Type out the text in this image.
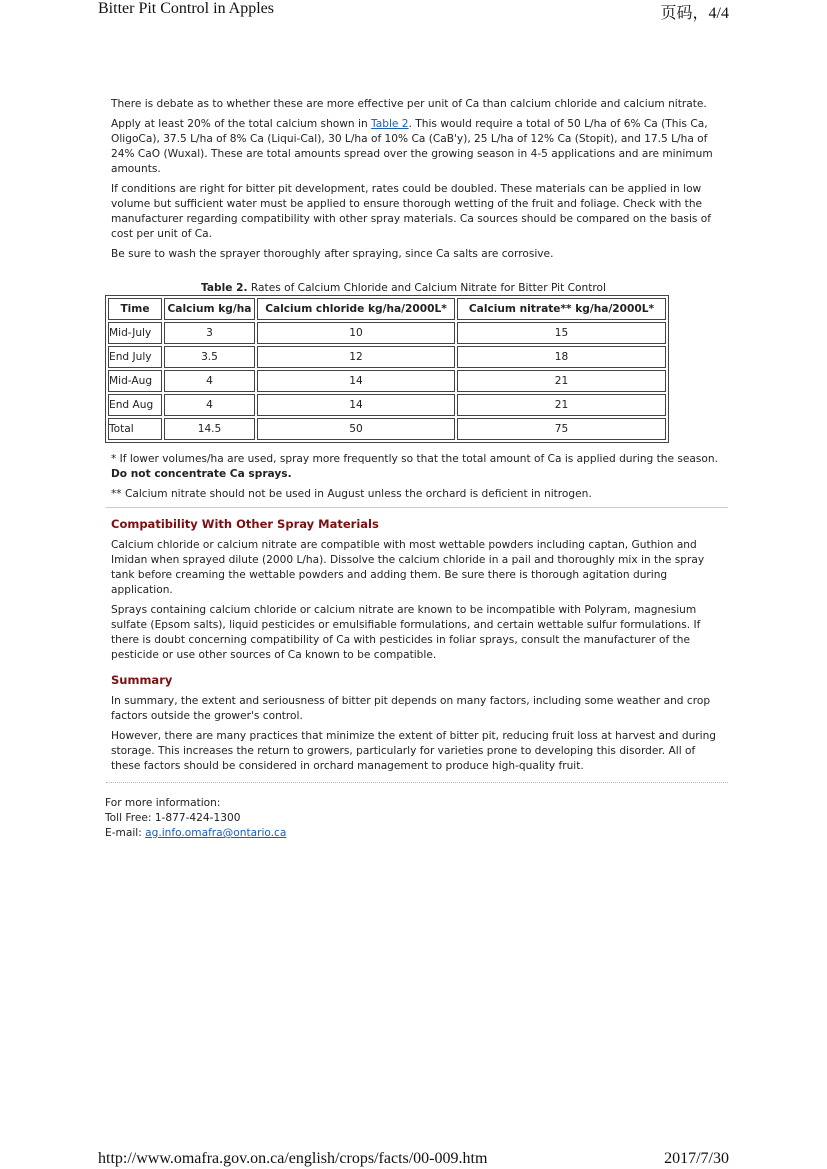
Bitter Pit Control in Apples	页码，4/4

There is debate as to whether these are more effective per unit of Ca than calcium chloride and calcium nitrate.

Apply at least 20% of the total calcium shown in Table 2. This would require a total of 50 L/ha of 6% Ca (This Ca, OligoCa), 37.5 L/ha of 8% Ca (Liqui-Cal), 30 L/ha of 10% Ca (CaB'y), 25 L/ha of 12% Ca (Stopit), and 17.5 L/ha of 24% CaO (Wuxal). These are total amounts spread over the growing season in 4-5 applications and are minimum amounts.

If conditions are right for bitter pit development, rates could be doubled. These materials can be applied in low volume but sufficient water must be applied to ensure thorough wetting of the fruit and foliage. Check with the manufacturer regarding compatibility with other spray materials. Ca sources should be compared on the basis of cost per unit of Ca.

Be sure to wash the sprayer thoroughly after spraying, since Ca salts are corrosive.

Table 2. Rates of Calcium Chloride and Calcium Nitrate for Bitter Pit Control
Time	Calcium kg/ha	Calcium chloride kg/ha/2000L*	Calcium nitrate** kg/ha/2000L*
Mid-July	3	10	15
End July	3.5	12	18
Mid-Aug	4	14	21
End Aug	4	14	21
Total	14.5	50	75

* If lower volumes/ha are used, spray more frequently so that the total amount of Ca is applied during the season. Do not concentrate Ca sprays.

** Calcium nitrate should not be used in August unless the orchard is deficient in nitrogen.

Compatibility With Other Spray Materials

Calcium chloride or calcium nitrate are compatible with most wettable powders including captan, Guthion and Imidan when sprayed dilute (2000 L/ha). Dissolve the calcium chloride in a pail and thoroughly mix in the spray tank before creaming the wettable powders and adding them. Be sure there is thorough agitation during application.

Sprays containing calcium chloride or calcium nitrate are known to be incompatible with Polyram, magnesium sulfate (Epsom salts), liquid pesticides or emulsifiable formulations, and certain wettable sulfur formulations. If there is doubt concerning compatibility of Ca with pesticides in foliar sprays, consult the manufacturer of the pesticide or use other sources of Ca known to be compatible.

Summary

In summary, the extent and seriousness of bitter pit depends on many factors, including some weather and crop factors outside the grower's control.

However, there are many practices that minimize the extent of bitter pit, reducing fruit loss at harvest and during storage. This increases the return to growers, particularly for varieties prone to developing this disorder. All of these factors should be considered in orchard management to produce high-quality fruit.

For more information:
Toll Free: 1-877-424-1300
E-mail: ag.info.omafra@ontario.ca
http://www.omafra.gov.on.ca/english/crops/facts/00-009.htm	2017/7/30
